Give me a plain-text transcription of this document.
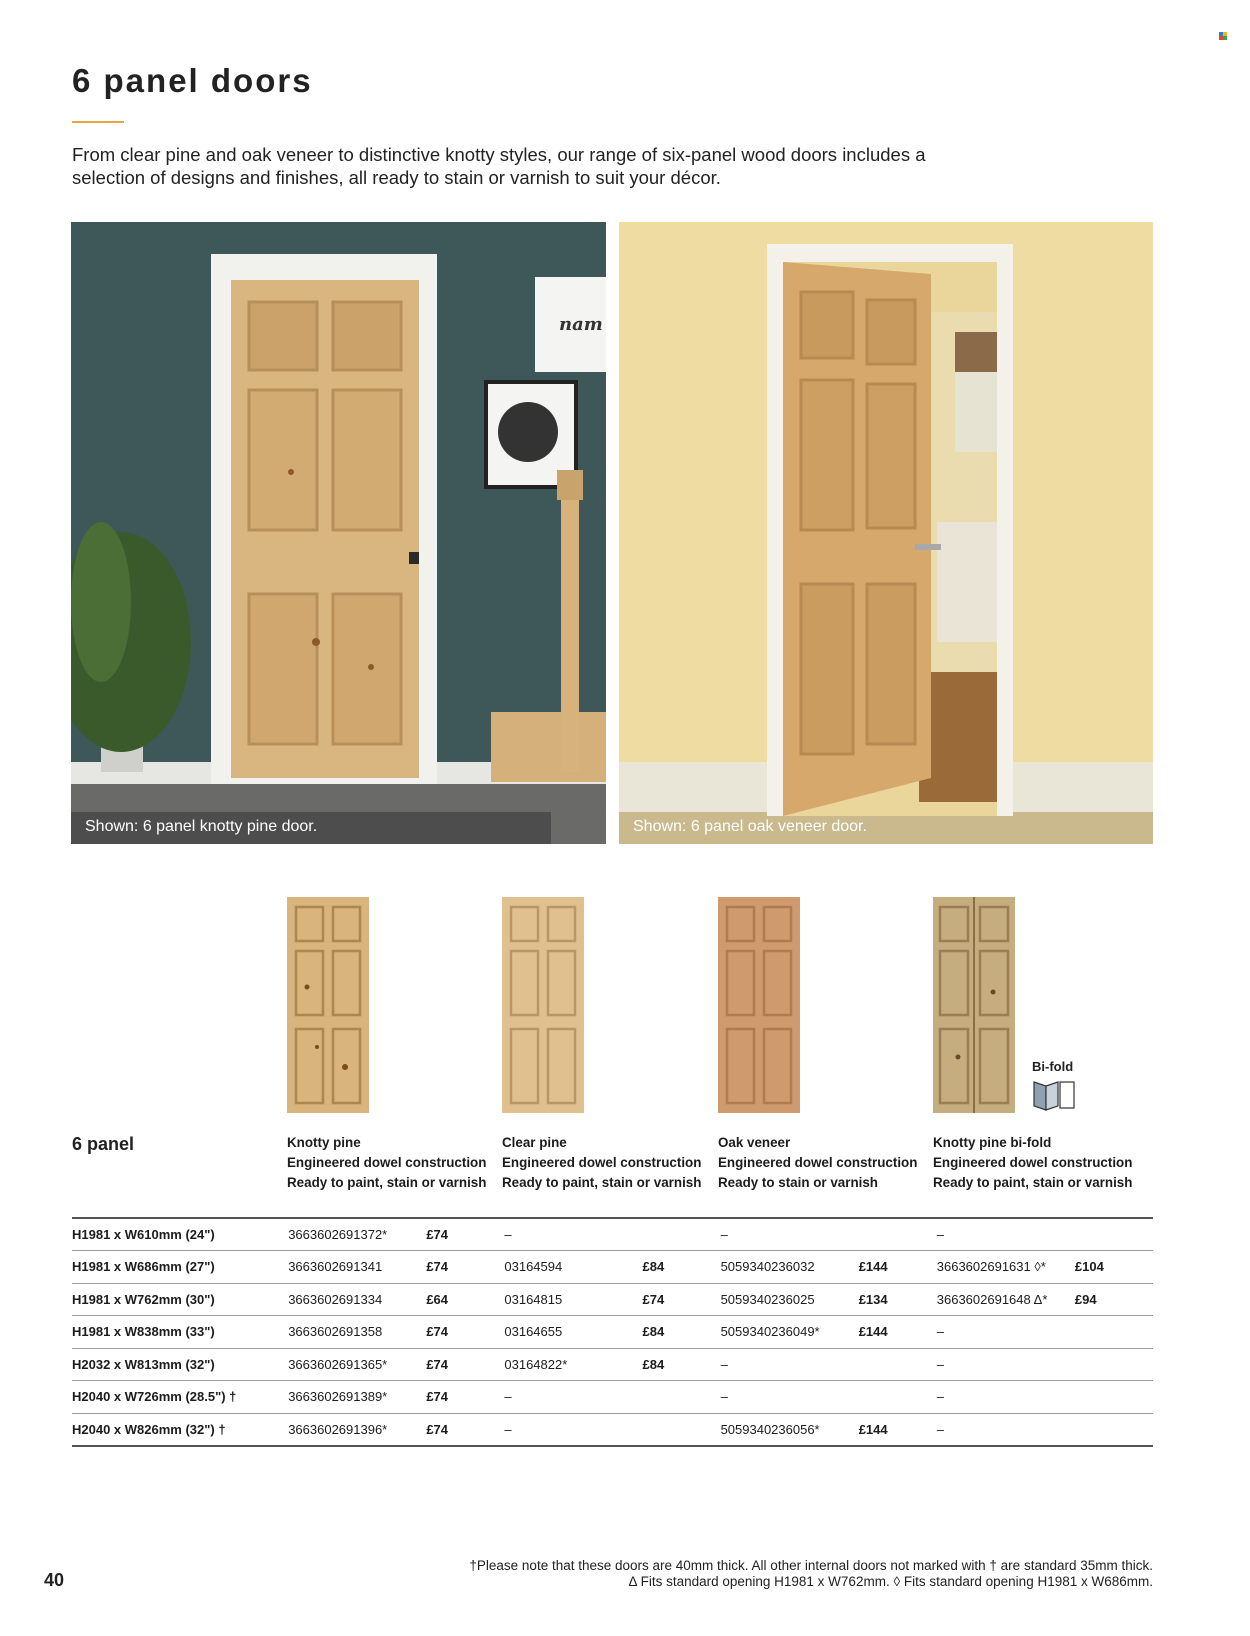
6 panel doors

From clear pine and oak veneer to distinctive knotty styles, our range of six-panel wood doors includes a selection of designs and finishes, all ready to stain or varnish to suit your décor.

nam
Shown: 6 panel knotty pine door.	Shown: 6 panel oak veneer door.
Bi-fold
6 panel	Knotty pine
Engineered dowel construction
Ready to paint, stain or varnish
Clear pine
Engineered dowel construction
Ready to paint, stain or varnish
Oak veneer
Engineered dowel construction
Ready to stain or varnish
Knotty pine bi-fold
Engineered dowel construction
Ready to paint, stain or varnish
H1981 x W610mm (24")	3663602691372*	£74	–		–		–	
H1981 x W686mm (27")	3663602691341	£74	03164594	£84	5059340236032	£144	3663602691631 ◊*	£104
H1981 x W762mm (30")	3663602691334	£64	03164815	£74	5059340236025	£134	3663602691648 Δ*	£94
H1981 x W838mm (33")	3663602691358	£74	03164655	£84	5059340236049*	£144	–	
H2032 x W813mm (32")	3663602691365*	£74	03164822*	£84	–		–	
H2040 x W726mm (28.5") †	3663602691389*	£74	–		–		–	
H2040 x W826mm (32") †	3663602691396*	£74	–		5059340236056*	£144	–	
40
†Please note that these doors are 40mm thick. All other internal doors not marked with † are standard 35mm thick.
Δ Fits standard opening H1981 x W762mm. ◊ Fits standard opening H1981 x W686mm.
